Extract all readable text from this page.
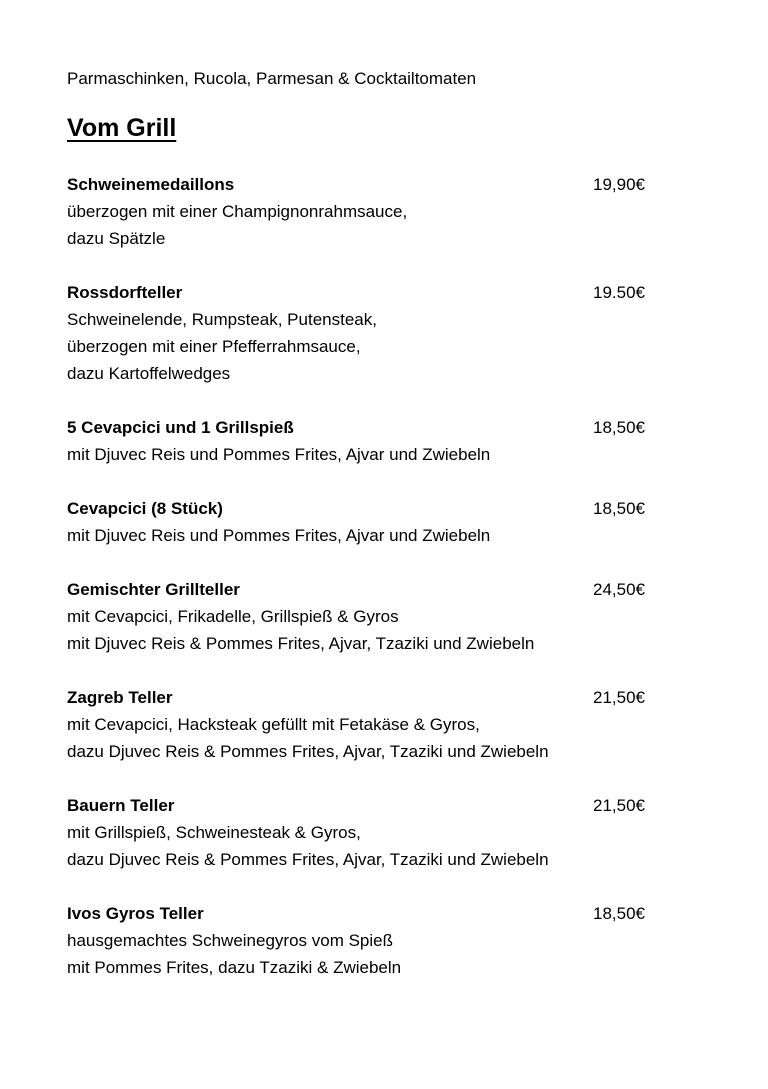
Parmaschinken, Rucola, Parmesan & Cocktailtomaten

Vom Grill
Schweinemedaillons	19,90€

überzogen mit einer Champignonrahmsauce,
dazu Spätzle

Rossdorfteller	19.50€

Schweinelende, Rumpsteak, Putensteak,
überzogen mit einer Pfefferrahmsauce,
dazu Kartoffelwedges

5 Cevapcici und 1 Grillspieß	18,50€

mit Djuvec Reis und Pommes Frites, Ajvar und Zwiebeln

Cevapcici (8 Stück)	18,50€

mit Djuvec Reis und Pommes Frites, Ajvar und Zwiebeln

Gemischter Grillteller	24,50€

mit Cevapcici, Frikadelle, Grillspieß & Gyros
mit Djuvec Reis & Pommes Frites, Ajvar, Tzaziki und Zwiebeln

Zagreb Teller	21,50€

mit Cevapcici, Hacksteak gefüllt mit Fetakäse & Gyros,
dazu Djuvec Reis & Pommes Frites, Ajvar, Tzaziki und Zwiebeln

Bauern Teller	21,50€

mit Grillspieß, Schweinesteak & Gyros,
dazu Djuvec Reis & Pommes Frites, Ajvar, Tzaziki und Zwiebeln

Ivos Gyros Teller	18,50€

hausgemachtes Schweinegyros vom Spieß
mit Pommes Frites, dazu Tzaziki & Zwiebeln
